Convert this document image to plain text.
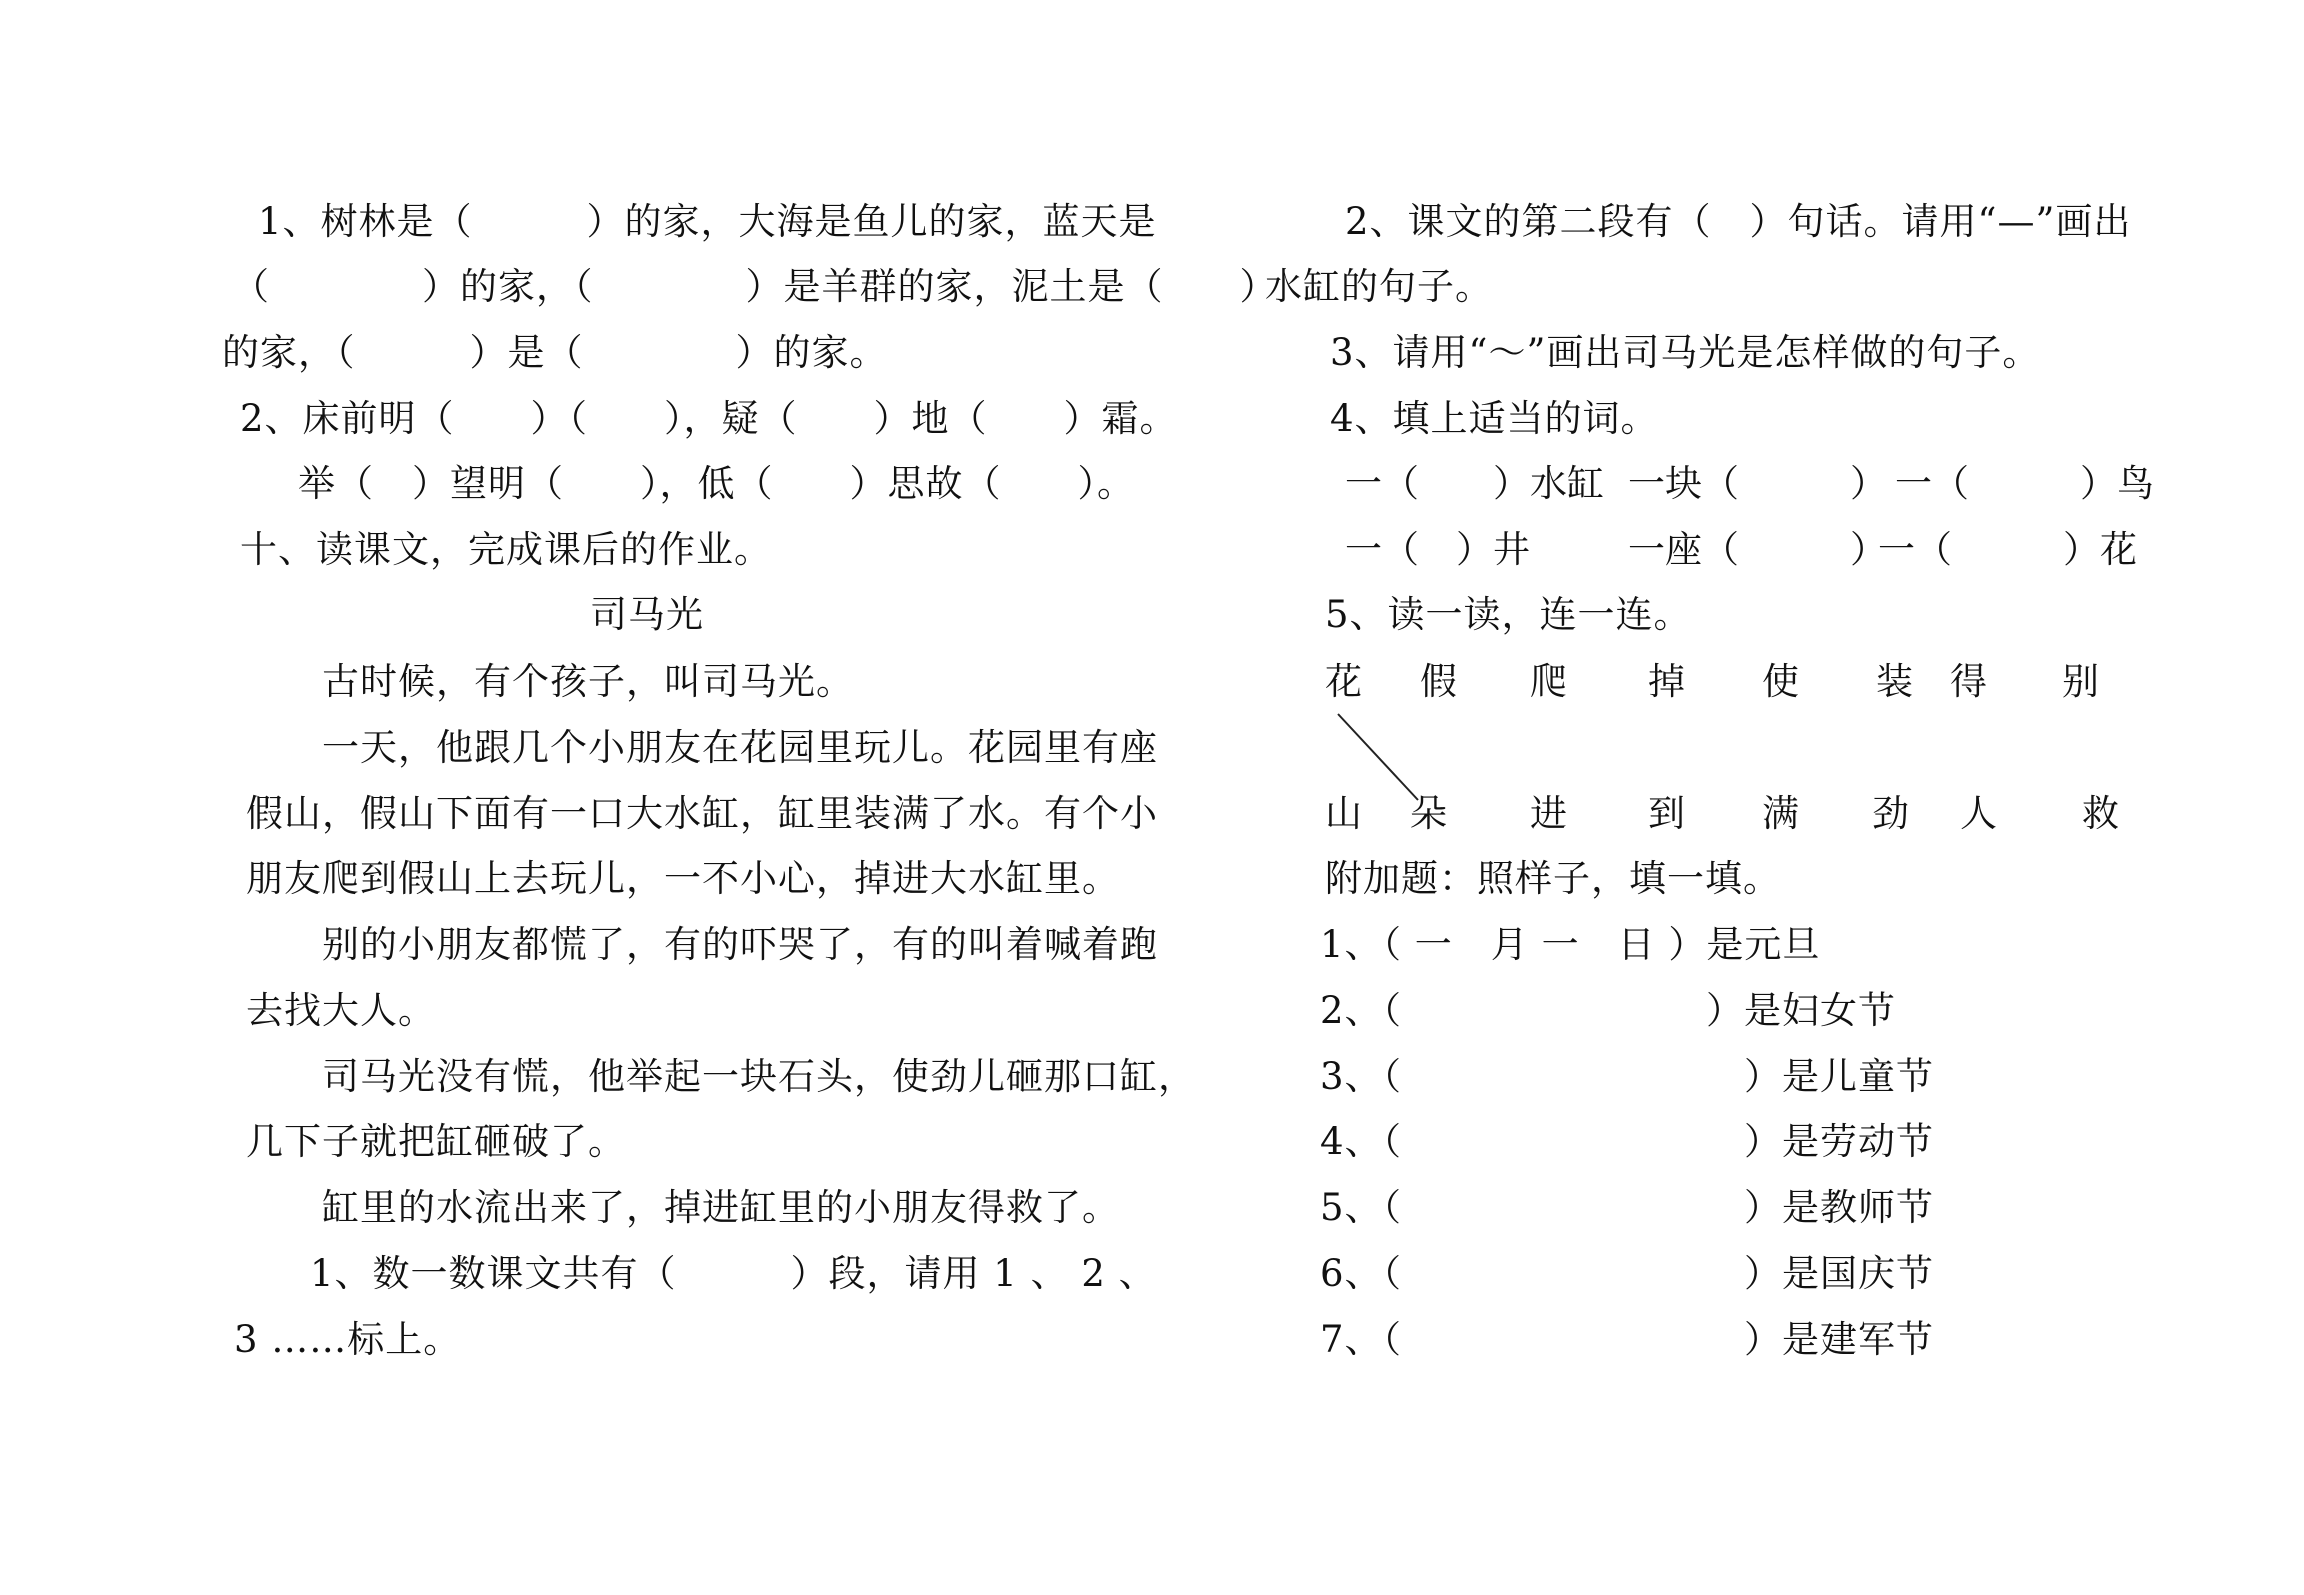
1、树林是（　　　）的家，大海是鱼儿的家，蓝天是
（　　　　）的家，（　　　　）是羊群的家，泥土是（　　）
的家，（　　　）是（　　　　）的家。
2、床前明（　　）（　　），疑（　　）地（　　）霜。
举（　）望明（　　），低（　　）思故（　　）。
十、读课文，完成课后的作业。
司马光
古时候，有个孩子，叫司马光。
一天，他跟几个小朋友在花园里玩儿。花园里有座
假山，假山下面有一口大水缸，缸里装满了水。有个小
朋友爬到假山上去玩儿，一不小心，掉进大水缸里。
别的小朋友都慌了，有的吓哭了，有的叫着喊着跑
去找大人。
司马光没有慌，他举起一块石头，使劲儿砸那口缸，
几下子就把缸砸破了。
缸里的水流出来了，掉进缸里的小朋友得救了。
1、数一数课文共有（　　　）段，请用 1 、 2 、
3 ……标上。
2、课文的第二段有（　）句话。请用“—”画出
水缸的句子。
3、请用“～”画出司马光是怎样做的句子。
4、填上适当的词。
一（　　）水缸 一块（　　　） 一（　　　）鸟
一（　）井	一座（　　　）
一（　　　）花
5、读一读，连一连。
花 假 爬 掉 使 装 得 别
山 朵 进 到 满 劲 人 救
附加题：照样子，填一填。
1、（ 一　月 一　日 ）是元旦
2、（　　　　　　　　）是妇女节
3、（　　　　　　　　　）是儿童节
4、（　　　　　　　　　）是劳动节
5、（　　　　　　　　　）是教师节
6、（　　　　　　　　　）是国庆节
7、（　　　　　　　　　）是建军节
